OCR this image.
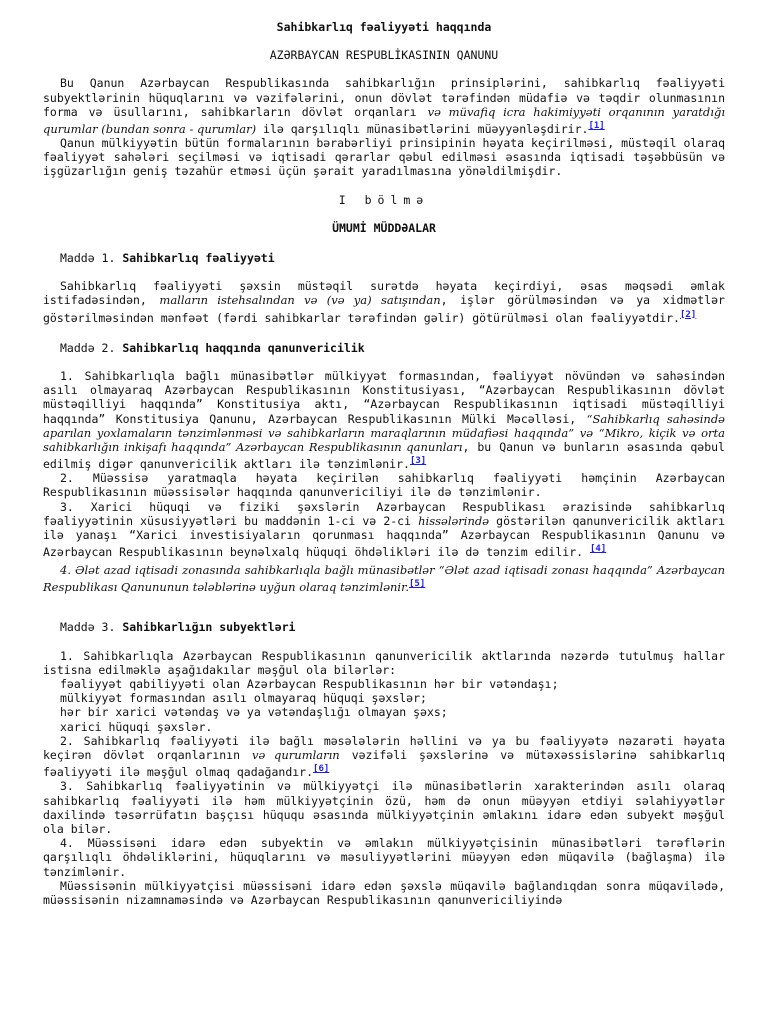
Sahibkarlıq fəaliyyəti haqqında
AZƏRBAYCAN RESPUBLİKASININ QANUNU

Bu Qanun Azərbaycan Respublikasında sahibkarlığın prinsiplərini, sahibkarlıq fəaliyyəti subyektlərinin hüquqlarını və vəzifələrini, onun dövlət tərəfindən müdafiə və təqdir olunmasının forma və üsullarını, sahibkarların dövlət orqanları və müvafiq icra hakimiyyəti orqanının yaratdığı qurumlar (bundan sonra - qurumlar) ilə qarşılıqlı münasibətlərini müəyyənləşdirir.[1]

Qanun mülkiyyətin bütün formalarının bərabərliyi prinsipinin həyata keçirilməsi, müstəqil olaraq fəaliyyət sahələri seçilməsi və iqtisadi qərarlar qəbul edilməsi əsasında iqtisadi təşəbbüsün və işgüzarlığın geniş təzahür etməsi üçün şərait yaradılmasına yönəldilmişdir.

I bölmə
ÜMUMİ MÜDDƏALAR
Maddə 1. Sahibkarlıq fəaliyyəti

Sahibkarlıq fəaliyyəti şəxsin müstəqil surətdə həyata keçirdiyi, əsas məqsədi əmlak istifadəsindən, malların istehsalından və (və ya) satışından, işlər görülməsindən və ya xidmətlər göstərilməsindən mənfəət (fərdi sahibkarlar tərəfindən gəlir) götürülməsi olan fəaliyyətdir.[2]

Maddə 2. Sahibkarlıq haqqında qanunvericilik

1. Sahibkarlıqla bağlı münasibətlər mülkiyyət formasından, fəaliyyət növündən və sahəsindən asılı olmayaraq Azərbaycan Respublikasının Konstitusiyası, “Azərbaycan Respublikasının dövlət müstəqilliyi haqqında” Konstitusiya aktı, “Azərbaycan Respublikasının iqtisadi müstəqilliyi haqqında” Konstitusiya Qanunu, Azərbaycan Respublikasının Mülki Məcəlləsi, “Sahibkarlıq sahəsində aparılan yoxlamaların tənzimlənməsi və sahibkarların maraqlarının müdafiəsi haqqında” və “Mikro, kiçik və orta sahibkarlığın inkişafı haqqında” Azərbaycan Respublikasının qanunları, bu Qanun və bunların əsasında qəbul edilmiş digər qanunvericilik aktları ilə tənzimlənir.[3]

2. Müəssisə yaratmaqla həyata keçirilən sahibkarlıq fəaliyyəti həmçinin Azərbaycan Respublikasının müəssisələr haqqında qanunvericiliyi ilə də tənzimlənir.

3. Xarici hüquqi və fiziki şəxslərin Azərbaycan Respublikası ərazisində sahibkarlıq fəaliyyətinin xüsusiyyətləri bu maddənin 1-ci və 2-ci hissələrində göstərilən qanunvericilik aktları ilə yanaşı “Xarici investisiyaların qorunması haqqında” Azərbaycan Respublikasının Qanunu və Azərbaycan Respublikasının beynəlxalq hüquqi öhdəlikləri ilə də tənzim edilir. [4]

4. Ələt azad iqtisadi zonasında sahibkarlıqla bağlı münasibətlər “Ələt azad iqtisadi zonası haqqında” Azərbaycan Respublikası Qanununun tələblərinə uyğun olaraq tənzimlənir.[5]

Maddə 3. Sahibkarlığın subyektləri

1. Sahibkarlıqla Azərbaycan Respublikasının qanunvericilik aktlarında nəzərdə tutulmuş hallar istisna edilməklə aşağıdakılar məşğul ola bilərlər:

fəaliyyət qabiliyyəti olan Azərbaycan Respublikasının hər bir vətəndaşı;
mülkiyyət formasından asılı olmayaraq hüquqi şəxslər;
hər bir xarici vətəndaş və ya vətəndaşlığı olmayan şəxs;
xarici hüquqi şəxslər.

2. Sahibkarlıq fəaliyyəti ilə bağlı məsələlərin həllini və ya bu fəaliyyətə nəzarəti həyata keçirən dövlət orqanlarının və qurumların vəzifəli şəxslərinə və mütəxəssislərinə sahibkarlıq fəaliyyəti ilə məşğul olmaq qadağandır.[6]

3. Sahibkarlıq fəaliyyətinin və mülkiyyətçi ilə münasibətlərin xarakterindən asılı olaraq sahibkarlıq fəaliyyəti ilə həm mülkiyyətçinin özü, həm də onun müəyyən etdiyi səlahiyyətlər daxilində təsərrüfatın başçısı hüququ əsasında mülkiyyətçinin əmlakını idarə edən subyekt məşğul ola bilər.

4. Müəssisəni idarə edən subyektin və əmlakın mülkiyyətçisinin münasibətləri tərəflərin qarşılıqlı öhdəliklərini, hüquqlarını və məsuliyyətlərini müəyyən edən müqavilə (bağlaşma) ilə tənzimlənir.

Müəssisənin mülkiyyətçisi müəssisəni idarə edən şəxslə müqavilə bağlandıqdan sonra müqavilədə, müəssisənin nizamnaməsində və Azərbaycan Respublikasının qanunvericiliyində
